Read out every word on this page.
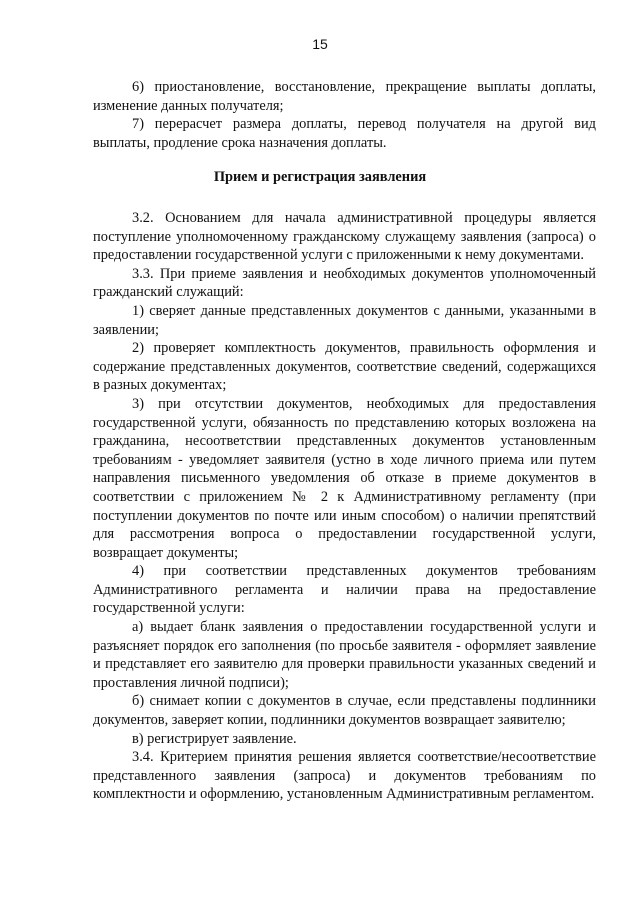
15

6) приостановление, восстановление, прекращение выплаты доплаты, изменение данных получателя;

7) перерасчет размера доплаты, перевод получателя на другой вид выплаты, продление срока назначения доплаты.

Прием и регистрация заявления

3.2. Основанием для начала административной процедуры является поступление уполномоченному гражданскому служащему заявления (запроса) о предоставлении государственной услуги с приложенными к нему документами.

3.3. При приеме заявления и необходимых документов уполномоченный гражданский служащий:

1) сверяет данные представленных документов с данными, указанными в заявлении;

2) проверяет комплектность документов, правильность оформления и содержание представленных документов, соответствие сведений, содержащихся в разных документах;

3) при отсутствии документов, необходимых для предоставления государственной услуги, обязанность по представлению которых возложена на гражданина, несоответствии представленных документов установленным требованиям - уведомляет заявителя (устно в ходе личного приема или путем направления письменного уведомления об отказе в приеме документов в соответствии с приложением № 2 к Административному регламенту (при поступлении документов по почте или иным способом) о наличии препятствий для рассмотрения вопроса о предоставлении государственной услуги, возвращает документы;

4) при соответствии представленных документов требованиям Административного регламента и наличии права на предоставление государственной услуги:

а) выдает бланк заявления о предоставлении государственной услуги и разъясняет порядок его заполнения (по просьбе заявителя - оформляет заявление и представляет его заявителю для проверки правильности указанных сведений и проставления личной подписи);

б) снимает копии с документов в случае, если представлены подлинники документов, заверяет копии, подлинники документов возвращает заявителю;

в) регистрирует заявление.

3.4. Критерием принятия решения является соответствие/несоответствие представленного заявления (запроса) и документов требованиям по комплектности и оформлению, установленным Административным регламентом.
